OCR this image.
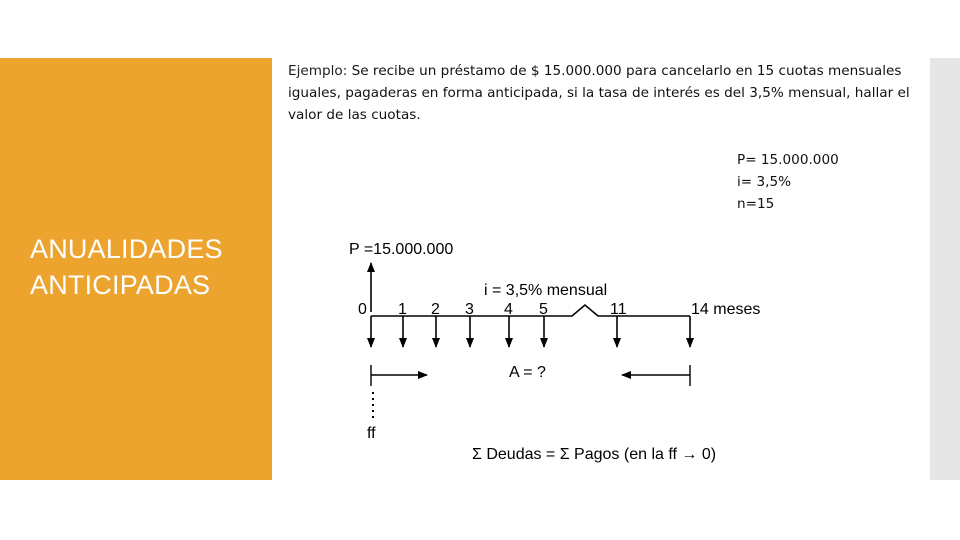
ANUALIDADES
ANTICIPADAS
Ejemplo: Se recibe un préstamo de $ 15.000.000 para cancelarlo en 15 cuotas mensuales iguales, pagaderas en forma anticipada, si la tasa de interés es del 3,5% mensual, hallar el valor de las cuotas.
P= 15.000.000
i= 3,5%
n=15
P =15.000.000
i = 3,5% mensual
0 1 2 3 4 5	11	14 meses
A = ?
ff
Σ Deudas = Σ Pagos (en la ff → 0)
